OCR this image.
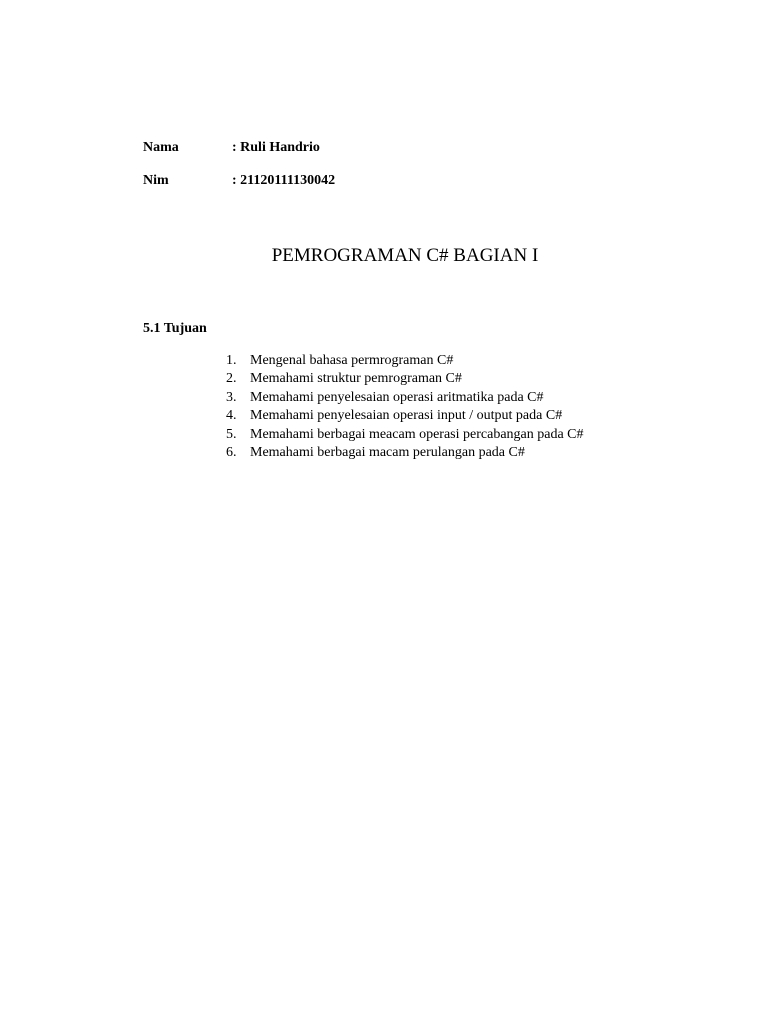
Nama	: Ruli Handrio
Nim	: 21120111130042
PEMROGRAMAN C# BAGIAN I
5.1 Tujuan
1. Mengenal bahasa permrograman C#
2. Memahami struktur pemrograman C#
3. Memahami penyelesaian operasi aritmatika pada C#
4. Memahami penyelesaian operasi input / output pada C#
5. Memahami berbagai meacam operasi percabangan pada C#
6. Memahami berbagai macam perulangan pada C#
